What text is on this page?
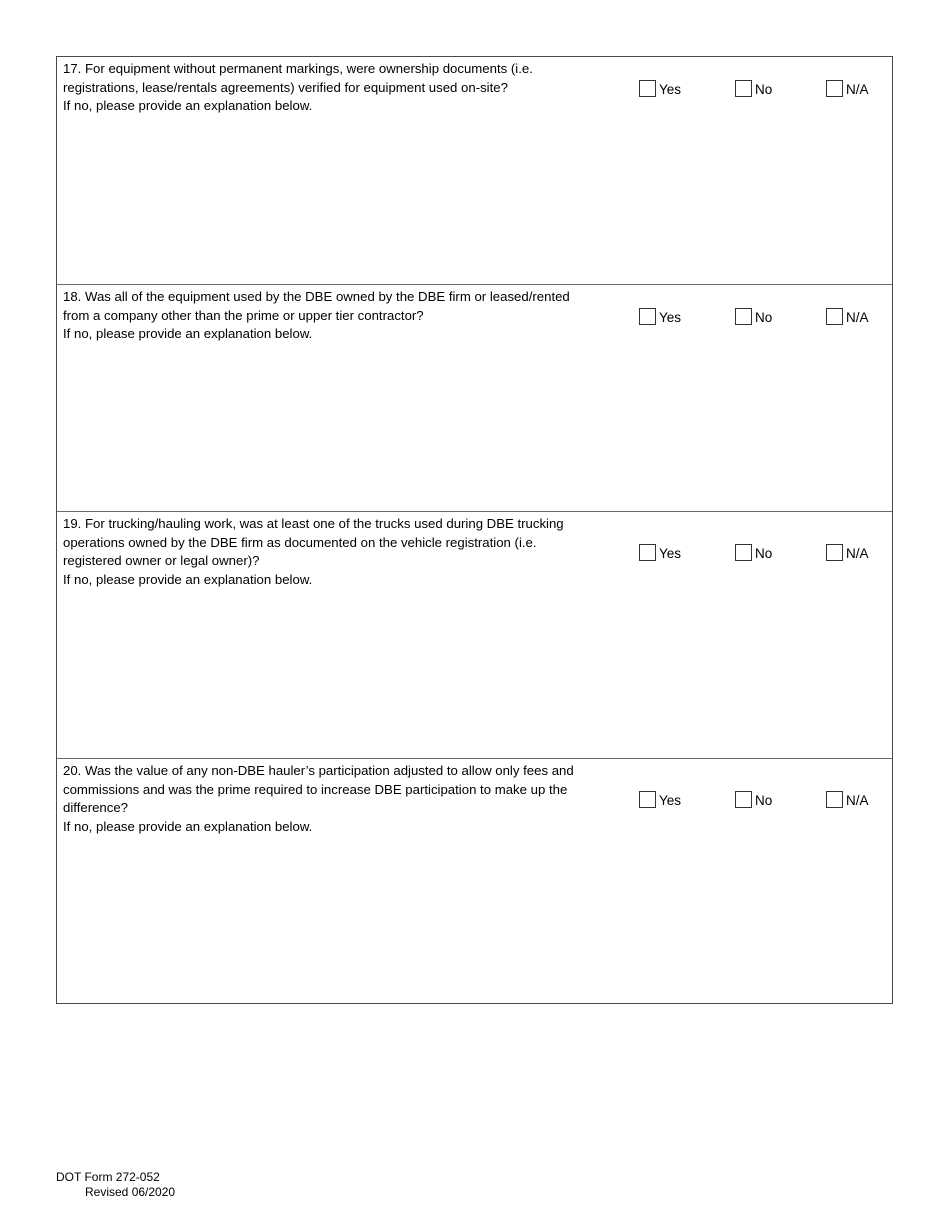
17. For equipment without permanent markings, were ownership documents (i.e.
registrations, lease/rentals agreements) verified for equipment used on-site?
If no, please provide an explanation below.
Yes	No	N/A
18. Was all of the equipment used by the DBE owned by the DBE firm or leased/rented
from a company other than the prime or upper tier contractor?
If no, please provide an explanation below.
Yes	No	N/A
19. For trucking/hauling work, was at least one of the trucks used during DBE trucking
operations owned by the DBE firm as documented on the vehicle registration (i.e.
registered owner or legal owner)?
If no, please provide an explanation below.
Yes	No	N/A
20. Was the value of any non-DBE hauler’s participation adjusted to allow only fees and
commissions and was the prime required to increase DBE participation to make up the
difference?
If no, please provide an explanation below.
Yes	No	N/A
DOT Form 272-052
Revised 06/2020
